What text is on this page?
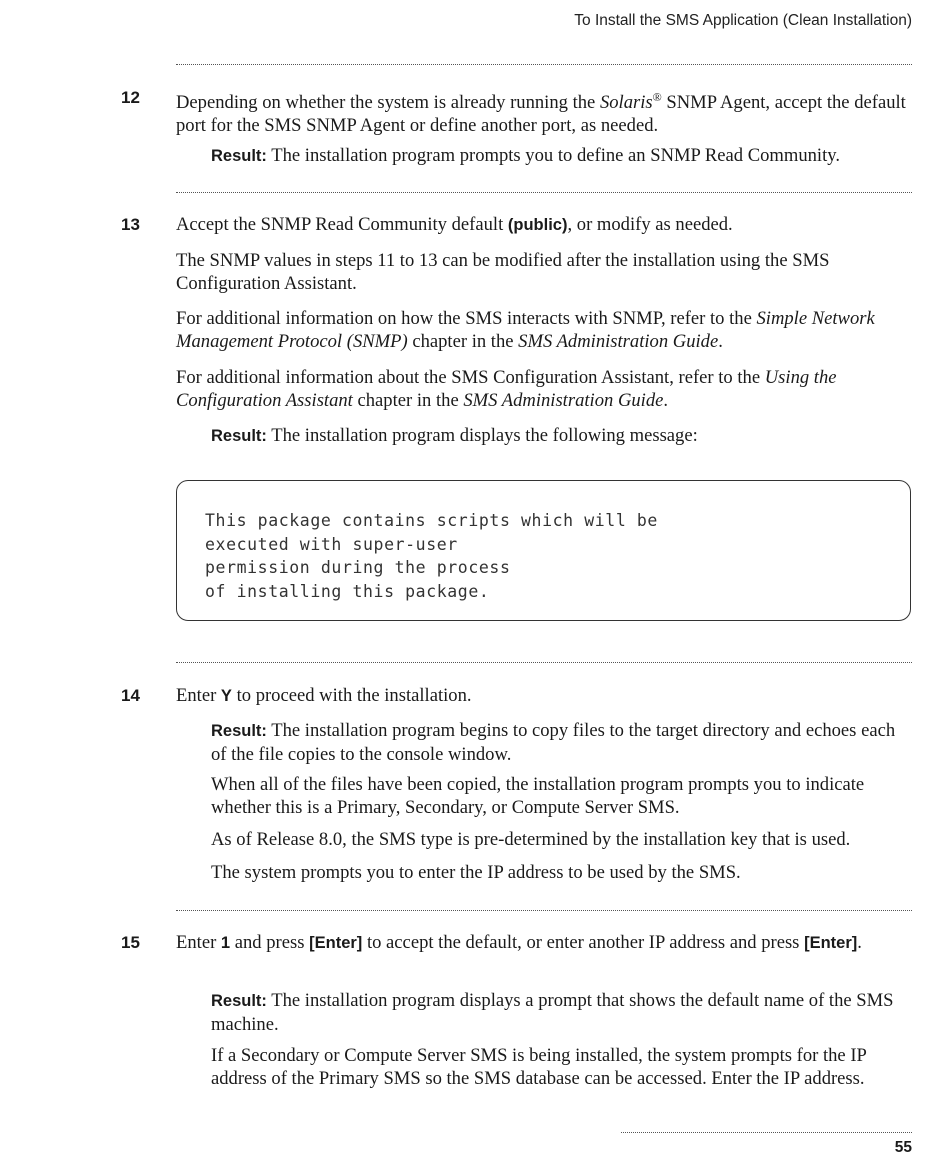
To Install the SMS Application (Clean Installation)
12 Depending on whether the system is already running the Solaris® SNMP Agent, accept the default port for the SMS SNMP Agent or define another port, as needed.

Result: The installation program prompts you to define an SNMP Read Community.

13 Accept the SNMP Read Community default (public), or modify as needed.

The SNMP values in steps 11 to 13 can be modified after the installation using the SMS Configuration Assistant.

For additional information on how the SMS interacts with SNMP, refer to the Simple Network Management Protocol (SNMP) chapter in the SMS Administration Guide.

For additional information about the SMS Configuration Assistant, refer to the Using the Configuration Assistant chapter in the SMS Administration Guide.

Result: The installation program displays the following message:

This package contains scripts which will be
executed with super-user
permission during the process
of installing this package.
14 Enter Y to proceed with the installation.

Result: The installation program begins to copy files to the target directory and echoes each of the file copies to the console window.

When all of the files have been copied, the installation program prompts you to indicate whether this is a Primary, Secondary, or Compute Server SMS.

As of Release 8.0, the SMS type is pre-determined by the installation key that is used.

The system prompts you to enter the IP address to be used by the SMS.

15 Enter 1 and press [Enter] to accept the default, or enter another IP address and press [Enter].

Result: The installation program displays a prompt that shows the default name of the SMS machine.

If a Secondary or Compute Server SMS is being installed, the system prompts for the IP address of the Primary SMS so the SMS database can be accessed. Enter the IP address.

55
